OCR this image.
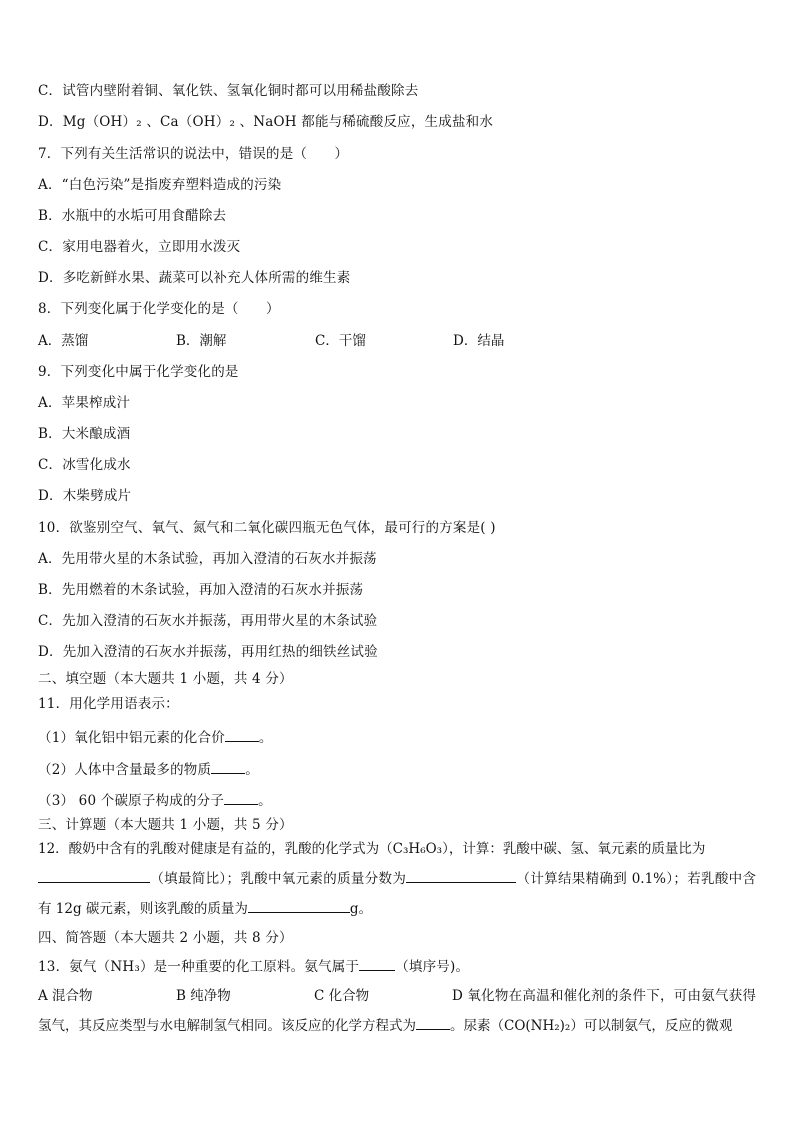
C．试管内壁附着铜、氧化铁、氢氧化铜时都可以用稀盐酸除去
D．Mg（OH）₂ 、Ca（OH）₂ 、NaOH 都能与稀硫酸反应，生成盐和水
7．下列有关生活常识的说法中，错误的是（　　）
A．“白色污染”是指废弃塑料造成的污染
B．水瓶中的水垢可用食醋除去
C．家用电器着火，立即用水泼灭
D．多吃新鲜水果、蔬菜可以补充人体所需的维生素
8．下列变化属于化学变化的是（　　）
A．蒸馏	B．潮解	C．干馏	D．结晶
9．下列变化中属于化学变化的是
A．苹果榨成汁
B．大米酿成酒
C．冰雪化成水
D．木柴劈成片
10．欲鉴别空气、氧气、氮气和二氧化碳四瓶无色气体，最可行的方案是( )
A．先用带火星的木条试验，再加入澄清的石灰水并振荡
B．先用燃着的木条试验，再加入澄清的石灰水并振荡
C．先加入澄清的石灰水并振荡，再用带火星的木条试验
D．先加入澄清的石灰水并振荡，再用红热的细铁丝试验
二、填空题（本大题共 1 小题，共 4 分）
11．用化学用语表示：
（1）氧化铝中铝元素的化合价	。
（2）人体中含量最多的物质	。
（3） 60 个碳原子构成的分子	。
三、计算题（本大题共 1 小题，共 5 分）
12．酸奶中含有的乳酸对健康是有益的，乳酸的化学式为（C₃H₆O₃），计算：乳酸中碳、氢、氧元素的质量比为
（填最简比）；乳酸中氧元素的质量分数为	（计算结果精确到 0.1%）；若乳酸中含有 12g 碳元素，则该乳酸的质量为	g。
四、简答题（本大题共 2 小题，共 8 分）
13．氨气（NH₃）是一种重要的化工原料。氨气属于	（填序号)。
A 混合物	B 纯净物	C 化合物	D 氧化物在高温和催化剂的条件下，可由氨气获得氢气，其反应类型与水电解制氢气相同。该反应的化学方程式为	。尿素（CO(NH₂)₂）可以制氨气，反应的微观
